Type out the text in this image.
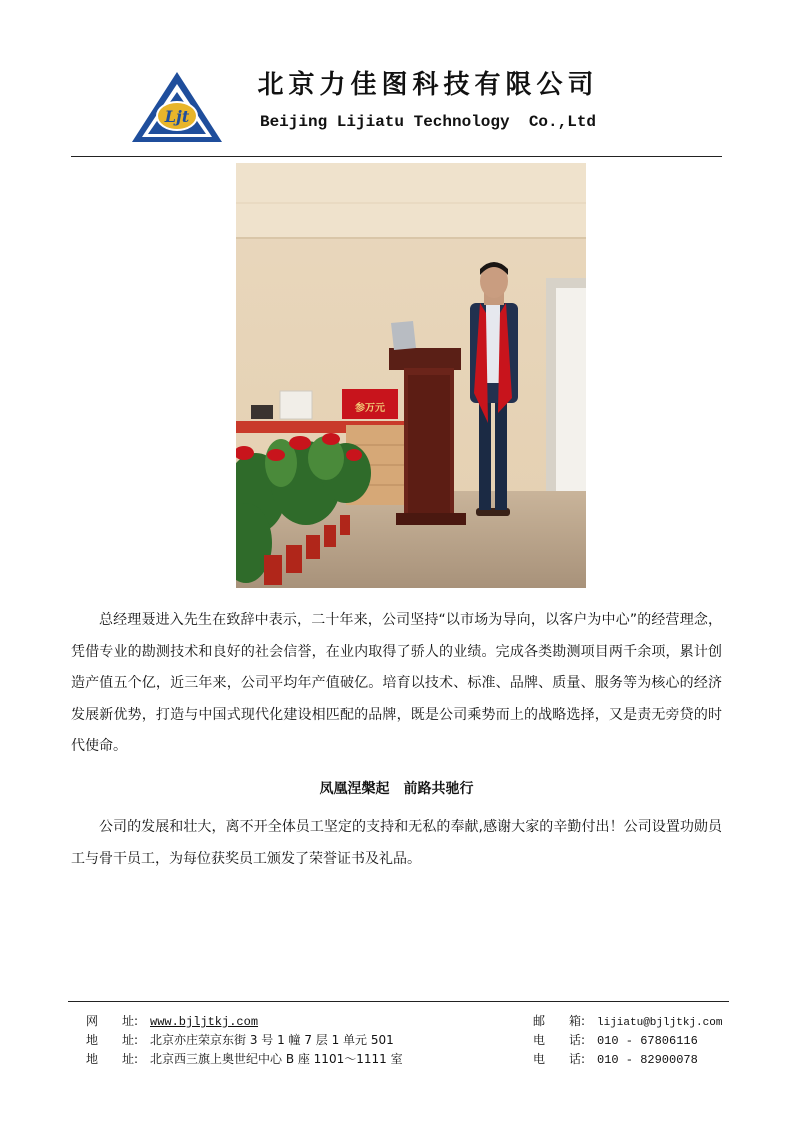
Ljt
北京力佳图科技有限公司
Beijing Lijiatu Technology  Co.,Ltd
参万元

总经理聂进入先生在致辞中表示，二十年来，公司坚持“以市场为导向，以客户为中心”的经营理念，凭借专业的勘测技术和良好的社会信誉，在业内取得了骄人的业绩。完成各类勘测项目两千余项，累计创造产值五个亿，近三年来，公司平均年产值破亿。培育以技术、标准、品牌、质量、服务等为核心的经济发展新优势，打造与中国式现代化建设相匹配的品牌，既是公司乘势而上的战略选择，又是责无旁贷的时代使命。

凤凰涅槃起　前路共驰行

公司的发展和壮大，离不开全体员工坚定的支持和无私的奉献,感谢大家的辛勤付出！公司设置功勋员工与骨干员工，为每位获奖员工颁发了荣誉证书及礼品。

网　　址: www.bjljtkj.com
地　　址: 北京亦庄荣京东街 3 号 1 幢 7 层 1 单元 501
地　　址: 北京西三旗上奥世纪中心 B 座 1101～1111 室
邮　　箱: lijiatu@bjljtkj.com
电　　话: 010 - 67806116
电　　话: 010 - 82900078
